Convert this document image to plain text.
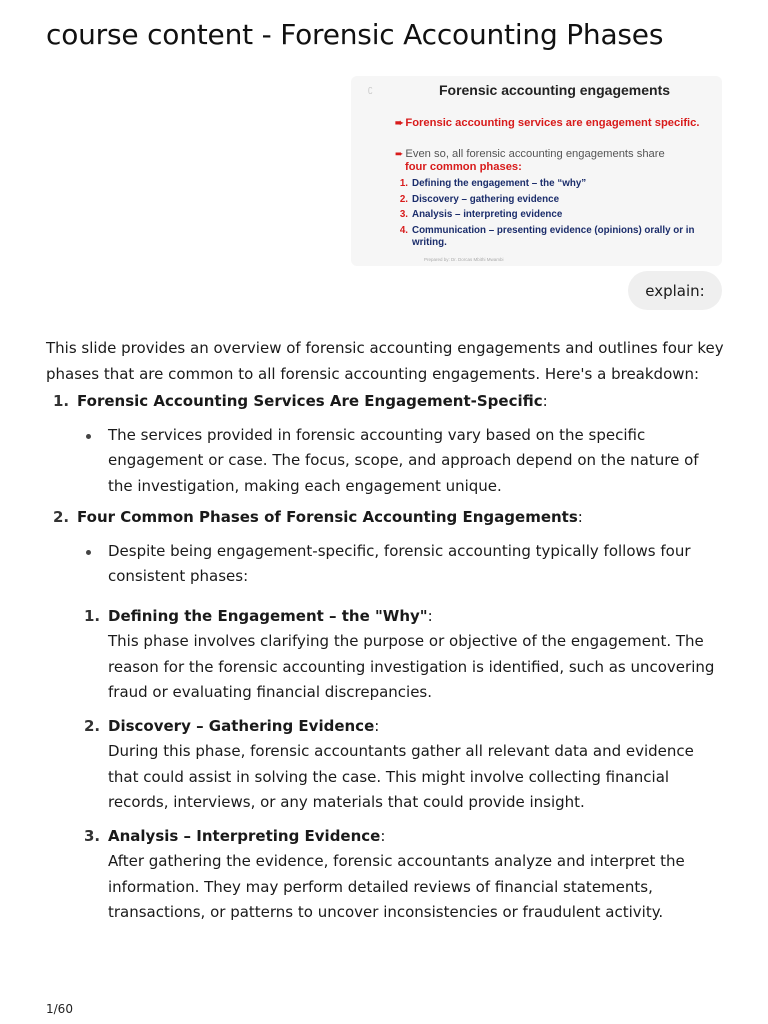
course content - Forensic Accounting Phases
ʗ	Forensic accounting engagements
➨ Forensic accounting services are engagement specific.
➨ Even so, all forensic accounting engagements share
four common phases:
1. Defining the engagement – the “why”
2. Discovery – gathering evidence
3. Analysis – interpreting evidence
4. Communication – presenting evidence (opinions) orally or in writing.
Prepared by: Dr. Dorcas Mbithi Mwambi
explain:

This slide provides an overview of forensic accounting engagements and outlines four key phases that are common to all forensic accounting engagements. Here's a breakdown:

1. Forensic Accounting Services Are Engagement-Specific:
The services provided in forensic accounting vary based on the specific engagement or case. The focus, scope, and approach depend on the nature of the investigation, making each engagement unique.
2. Four Common Phases of Forensic Accounting Engagements:
Despite being engagement-specific, forensic accounting typically follows four consistent phases:
1. Defining the Engagement – the "Why":
This phase involves clarifying the purpose or objective of the engagement. The reason for the forensic accounting investigation is identified, such as uncovering fraud or evaluating financial discrepancies.
2. Discovery – Gathering Evidence:
During this phase, forensic accountants gather all relevant data and evidence that could assist in solving the case. This might involve collecting financial records, interviews, or any materials that could provide insight.
3. Analysis – Interpreting Evidence:
After gathering the evidence, forensic accountants analyze and interpret the information. They may perform detailed reviews of financial statements, transactions, or patterns to uncover inconsistencies or fraudulent activity.
1/60
